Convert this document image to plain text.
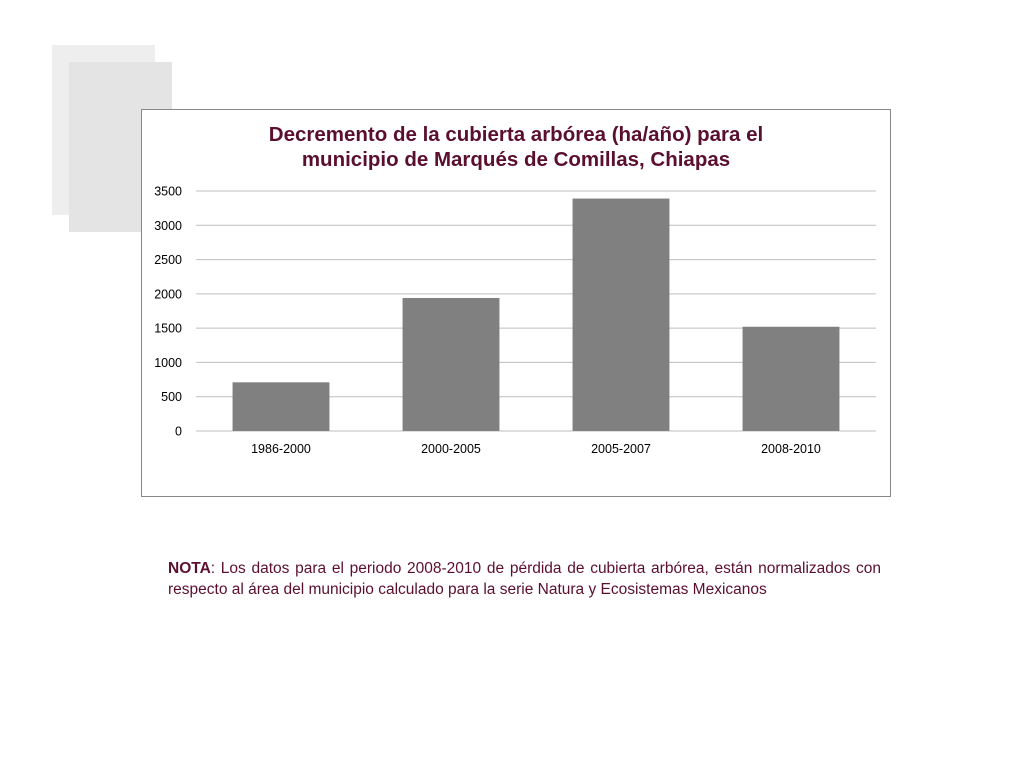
Decremento de la cubierta arbórea (ha/año) para el
municipio de Marqués de Comillas, Chiapas
0
500
1000
1500
2000
2500
3000
3500
1986-2000	2000-2005	2005-2007	2008-2010
NOTA: Los datos para el periodo 2008-2010 de pérdida de cubierta arbórea, están normalizados con respecto al área del municipio calculado para la serie Natura y Ecosistemas Mexicanos
